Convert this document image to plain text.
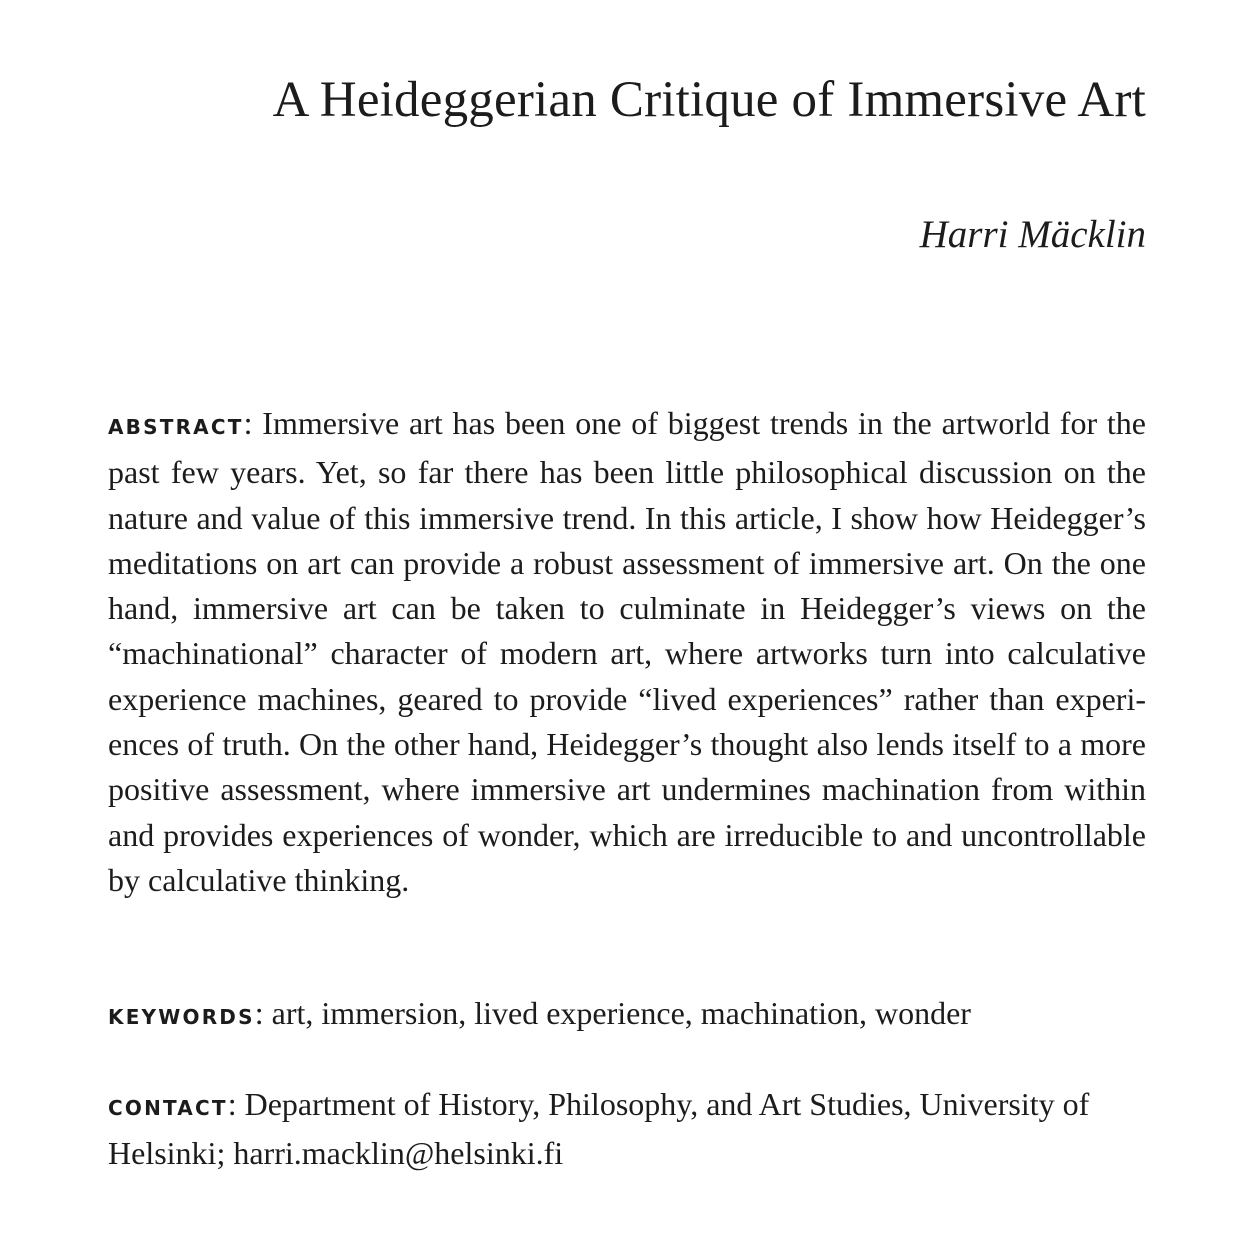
A Heideggerian Critique of Immersive Art

Harri Mäcklin

ABSTRACT: Immersive art has been one of biggest trends in the artworld for the past few years. Yet, so far there has been little philosophical discussion on the nature and value of this immersive trend. In this article, I show how Heidegger’s meditations on art can provide a robust assessment of immersive art. On the one hand, immersive art can be taken to culminate in Heidegger’s views on the “machinational” character of modern art, where artworks turn into calculative experience machines, geared to provide “lived experiences” rather than experiences of truth. On the other hand, Heidegger’s thought also lends itself to a more positive assessment, where immersive art undermines machination from within and provides experiences of wonder, which are irreducible to and uncontrollable by calculative thinking.

KEYWORDS: art, immersion, lived experience, machination, wonder

CONTACT: Department of History, Philosophy, and Art Studies, University of Helsinki; harri.macklin@helsinki.fi
